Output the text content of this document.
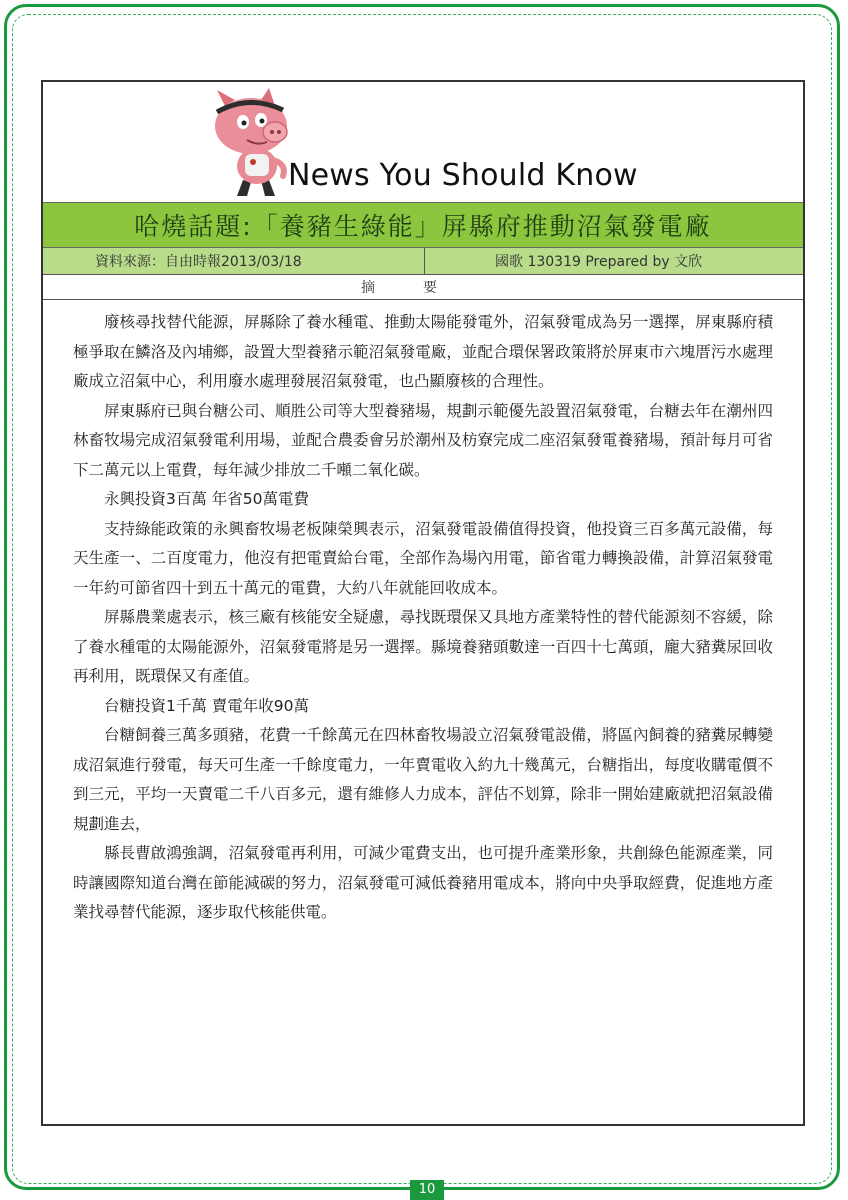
News You Should Know
哈燒話題:「養豬生綠能」屏縣府推動沼氣發電廠
資料來源：自由時報2013/03/18	國歌 130319 Prepared by 文欣
摘要

廢核尋找替代能源，屏縣除了養水種電、推動太陽能發電外，沼氣發電成為另一選擇，屏東縣府積極爭取在鱗洛及內埔鄉，設置大型養豬示範沼氣發電廠，並配合環保署政策將於屏東市六塊厝污水處理廠成立沼氣中心，利用廢水處理發展沼氣發電，也凸顯廢核的合理性。

屏東縣府已與台糖公司、順胜公司等大型養豬場，規劃示範優先設置沼氣發電，台糖去年在潮州四林畜牧場完成沼氣發電利用場，並配合農委會另於潮州及枋寮完成二座沼氣發電養豬場，預計每月可省下二萬元以上電費，每年減少排放二千噸二氧化碳。

永興投資3百萬 年省50萬電費

支持綠能政策的永興畜牧場老板陳榮興表示，沼氣發電設備值得投資，他投資三百多萬元設備，每天生產一、二百度電力，他沒有把電賣給台電，全部作為場內用電，節省電力轉換設備，計算沼氣發電一年約可節省四十到五十萬元的電費，大約八年就能回收成本。

屏縣農業處表示，核三廠有核能安全疑慮，尋找既環保又具地方產業特性的替代能源刻不容緩，除了養水種電的太陽能源外，沼氣發電將是另一選擇。縣境養豬頭數達一百四十七萬頭，龐大豬糞尿回收再利用，既環保又有產值。

台糖投資1千萬 賣電年收90萬

台糖飼養三萬多頭豬，花費一千餘萬元在四林畜牧場設立沼氣發電設備，將區內飼養的豬糞尿轉變成沼氣進行發電，每天可生產一千餘度電力，一年賣電收入約九十幾萬元，台糖指出，每度收購電價不到三元，平均一天賣電二千八百多元，還有維修人力成本，評估不划算，除非一開始建廠就把沼氣設備規劃進去，

縣長曹啟鴻強調，沼氣發電再利用，可減少電費支出，也可提升產業形象，共創綠色能源產業，同時讓國際知道台灣在節能減碳的努力，沼氣發電可減低養豬用電成本，將向中央爭取經費，促進地方產業找尋替代能源，逐步取代核能供電。

10
